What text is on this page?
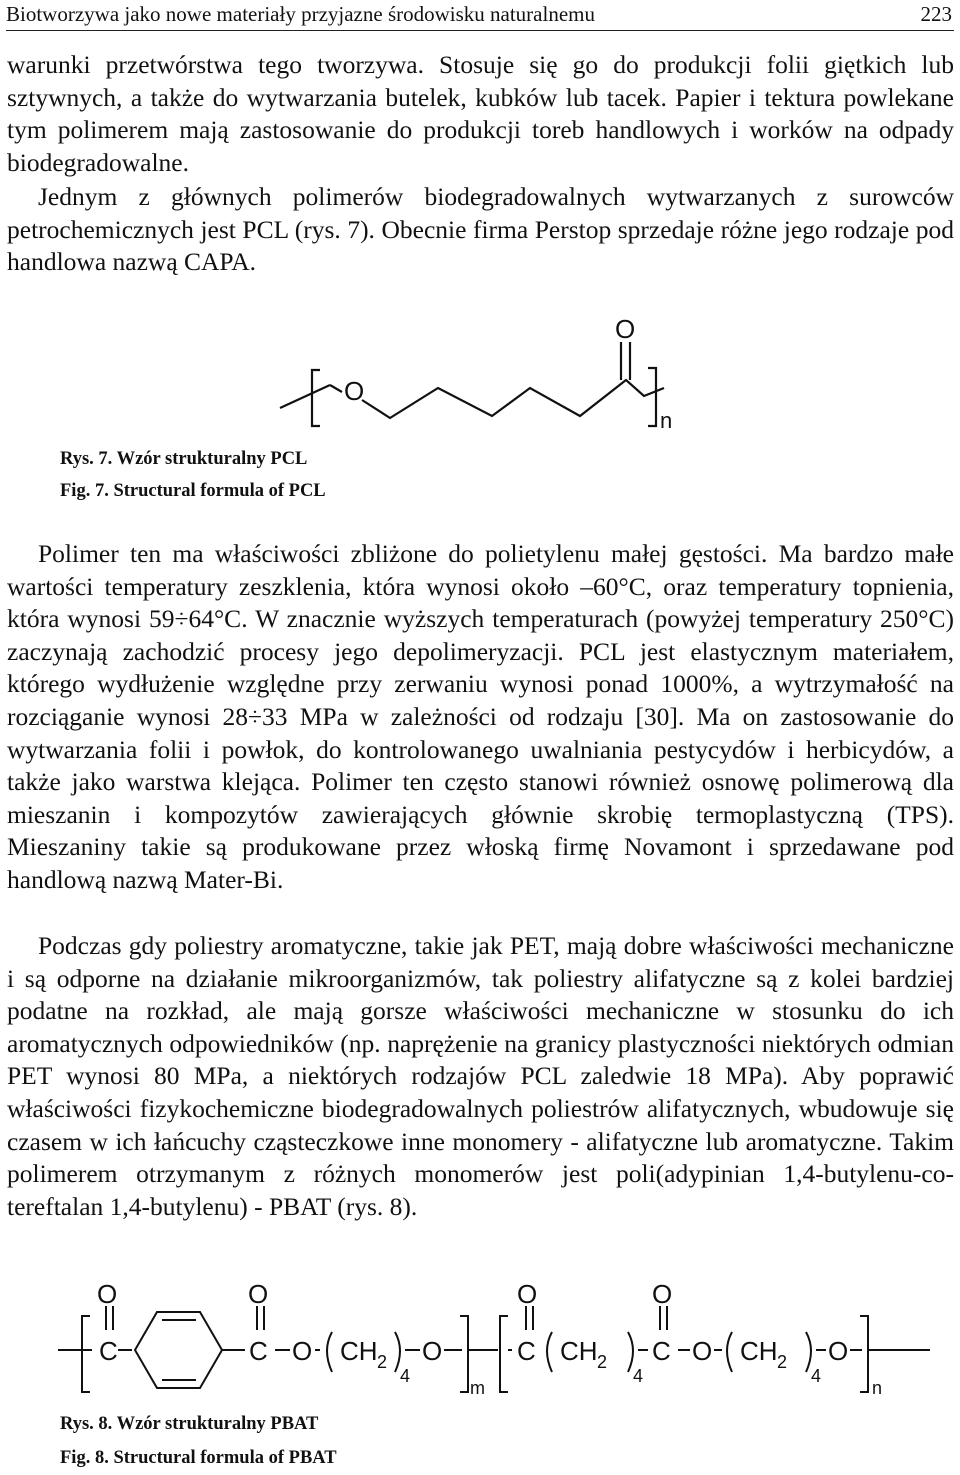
Biotworzywa jako nowe materiały przyjazne środowisku naturalnemu	223

warunki przetwórstwa tego tworzywa. Stosuje się go do produkcji folii giętkich lub sztywnych, a także do wytwarzania butelek, kubków lub tacek. Papier i tektura powlekane tym polimerem mają zastosowanie do produkcji toreb handlowych i worków na odpady biodegradowalne.

Jednym z głównych polimerów biodegradowalnych wytwarzanych z surowców petrochemicznych jest PCL (rys. 7). Obecnie firma Perstop sprzedaje różne jego rodzaje pod handlowa nazwą CAPA.

O
O
n
Rys. 7. Wzór strukturalny PCL
Fig. 7. Structural formula of PCL

Polimer ten ma właściwości zbliżone do polietylenu małej gęstości. Ma bardzo małe wartości temperatury zeszklenia, która wynosi około –60°C, oraz temperatury topnienia, która wynosi 59÷64°C. W znacznie wyższych temperaturach (powyżej temperatury 250°C) zaczynają zachodzić procesy jego depolimeryzacji. PCL jest elastycznym materiałem, którego wydłużenie względne przy zerwaniu wynosi ponad 1000%, a wytrzymałość na rozciąganie wynosi 28÷33 MPa w zależności od rodzaju [30]. Ma on zastosowanie do wytwarzania folii i powłok, do kontrolowanego uwalniania pestycydów i herbicydów, a także jako warstwa klejąca. Polimer ten często stanowi również osnowę polimerową dla mieszanin i kompozytów zawierających głównie skrobię termoplastyczną (TPS). Mieszaniny takie są produkowane przez włoską firmę Novamont i sprzedawane pod handlową nazwą Mater-Bi.

Podczas gdy poliestry aromatyczne, takie jak PET, mają dobre właściwości mechaniczne i są odporne na działanie mikroorganizmów, tak poliestry alifatyczne są z kolei bardziej podatne na rozkład, ale mają gorsze właściwości mechaniczne w stosunku do ich aromatycznych odpowiedników (np. naprężenie na granicy plastyczności niektórych odmian PET wynosi 80 MPa, a niektórych rodzajów PCL zaledwie 18 MPa). Aby poprawić właściwości fizykochemiczne biodegradowalnych poliestrów alifatycznych, wbudowuje się czasem w ich łańcuchy cząsteczkowe inne monomery - alifatyczne lub aromatyczne. Takim polimerem otrzymanym z różnych monomerów jest poli(adypinian 1,4-butylenu-co-tereftalan 1,4-butylenu) - PBAT (rys. 8).

O
C
O
C O CH 2
4
O
m
O
C CH 2
4
O
C O CH 2
4
O
n
Rys. 8. Wzór strukturalny PBAT
Fig. 8. Structural formula of PBAT
